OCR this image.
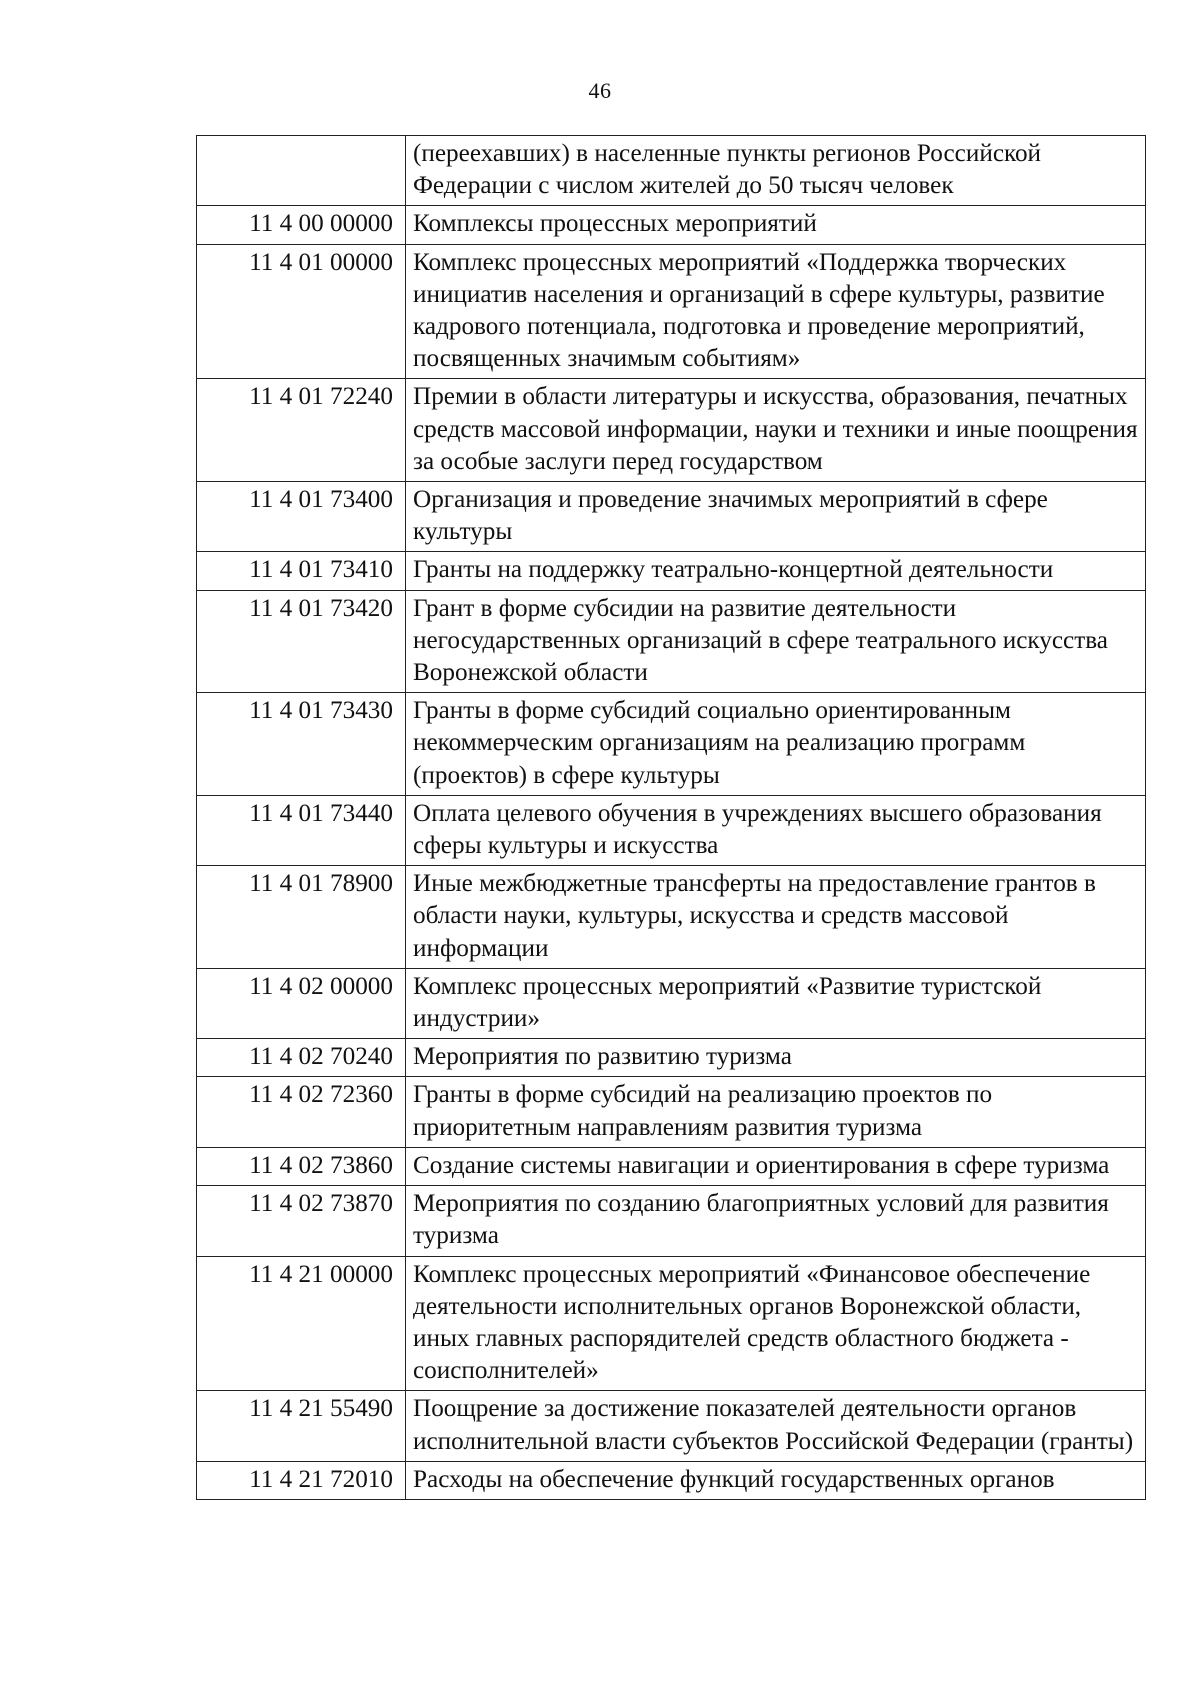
46
	(переехавших) в населенные пункты регионов Российской Федерации с числом жителей до 50 тысяч человек
11 4 00 00000	Комплексы процессных мероприятий
11 4 01 00000	Комплекс процессных мероприятий «Поддержка творческих инициатив населения и организаций в сфере культуры, развитие кадрового потенциала, подготовка и проведение мероприятий, посвященных значимым событиям»
11 4 01 72240	Премии в области литературы и искусства, образования, печатных средств массовой информации, науки и техники и иные поощрения за особые заслуги перед государством
11 4 01 73400	Организация и проведение значимых мероприятий в сфере культуры
11 4 01 73410	Гранты на поддержку театрально-концертной деятельности
11 4 01 73420	Грант в форме субсидии на развитие деятельности негосударственных организаций в сфере театрального искусства Воронежской области
11 4 01 73430	Гранты в форме субсидий социально ориентированным некоммерческим организациям на реализацию программ (проектов) в сфере культуры
11 4 01 73440	Оплата целевого обучения в учреждениях высшего образования сферы культуры и искусства
11 4 01 78900	Иные межбюджетные трансферты на предоставление грантов в области науки, культуры, искусства и средств массовой информации
11 4 02 00000	Комплекс процессных мероприятий «Развитие туристской индустрии»
11 4 02 70240	Мероприятия по развитию туризма
11 4 02 72360	Гранты в форме субсидий на реализацию проектов по приоритетным направлениям развития туризма
11 4 02 73860	Создание системы навигации и ориентирования в сфере туризма
11 4 02 73870	Мероприятия по созданию благоприятных условий для развития туризма
11 4 21 00000	Комплекс процессных мероприятий «Финансовое обеспечение деятельности исполнительных органов Воронежской области, иных главных распорядителей средств областного бюджета - соисполнителей»
11 4 21 55490	Поощрение за достижение показателей деятельности органов исполнительной власти субъектов Российской Федерации (гранты)
11 4 21 72010	Расходы на обеспечение функций государственных органов
